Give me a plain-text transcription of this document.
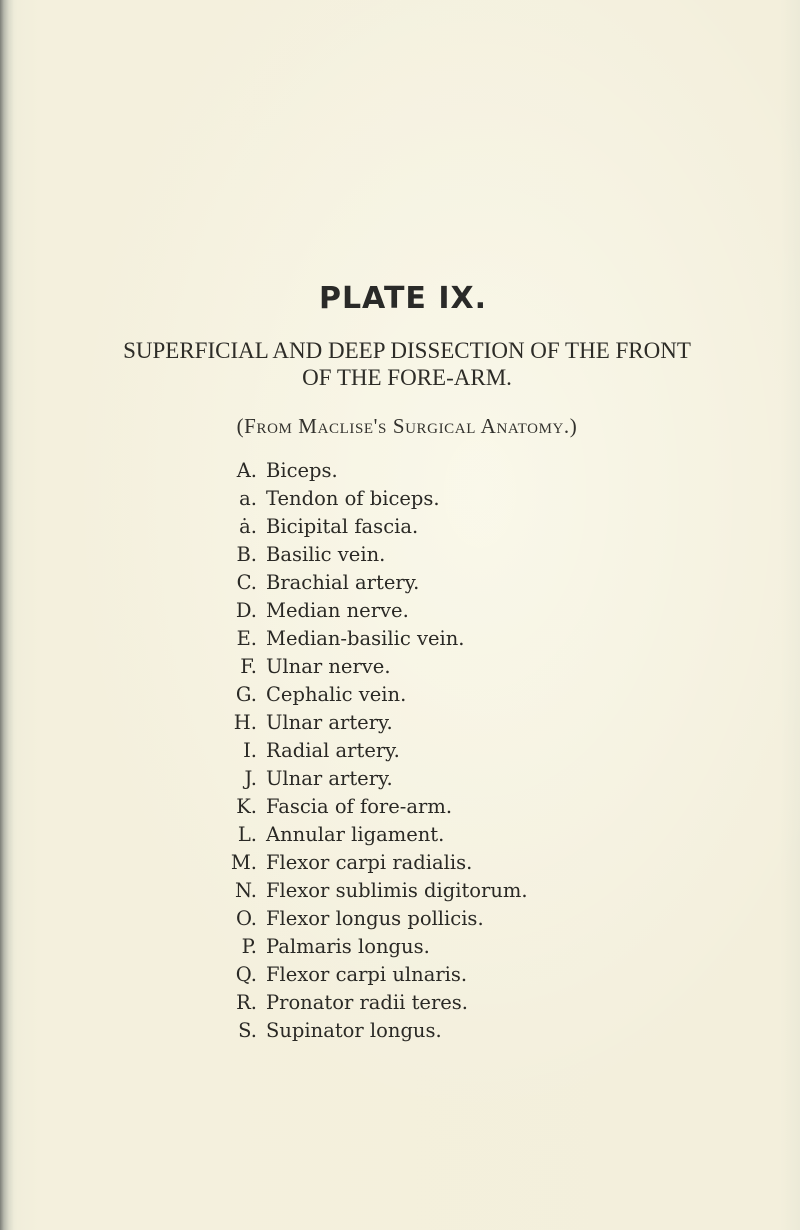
PLATE IX.
SUPERFICIAL AND DEEP DISSECTION OF THE FRONT
OF THE FORE-ARM.

(From Maclise's Surgical Anatomy.)

A. Biceps.
a. Tendon of biceps.
ȧ. Bicipital fascia.
B. Basilic vein.
C. Brachial artery.
D. Median nerve.
E. Median-basilic vein.
F. Ulnar nerve.
G. Cephalic vein.
H. Ulnar artery.
I. Radial artery.
J. Ulnar artery.
K. Fascia of fore-arm.
L. Annular ligament.
M. Flexor carpi radialis.
N. Flexor sublimis digitorum.
O. Flexor longus pollicis.
P. Palmaris longus.
Q. Flexor carpi ulnaris.
R. Pronator radii teres.
S. Supinator longus.
